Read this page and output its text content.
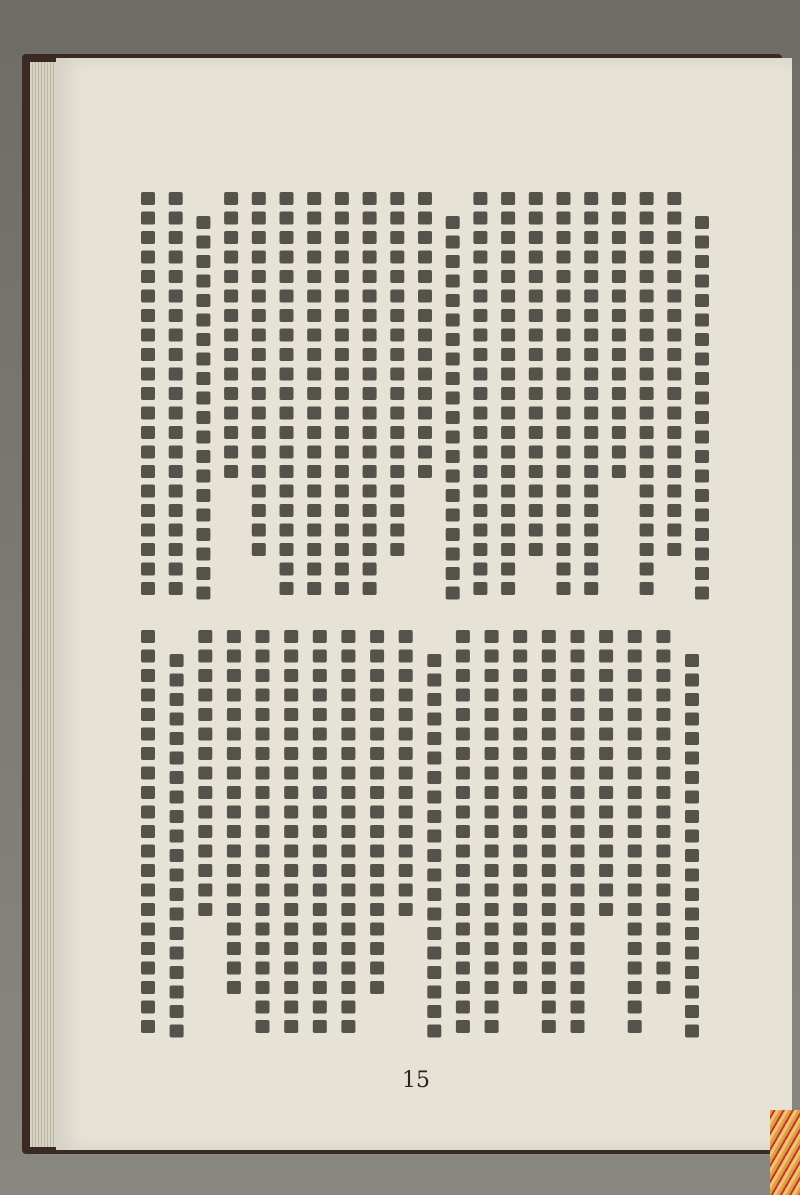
15
